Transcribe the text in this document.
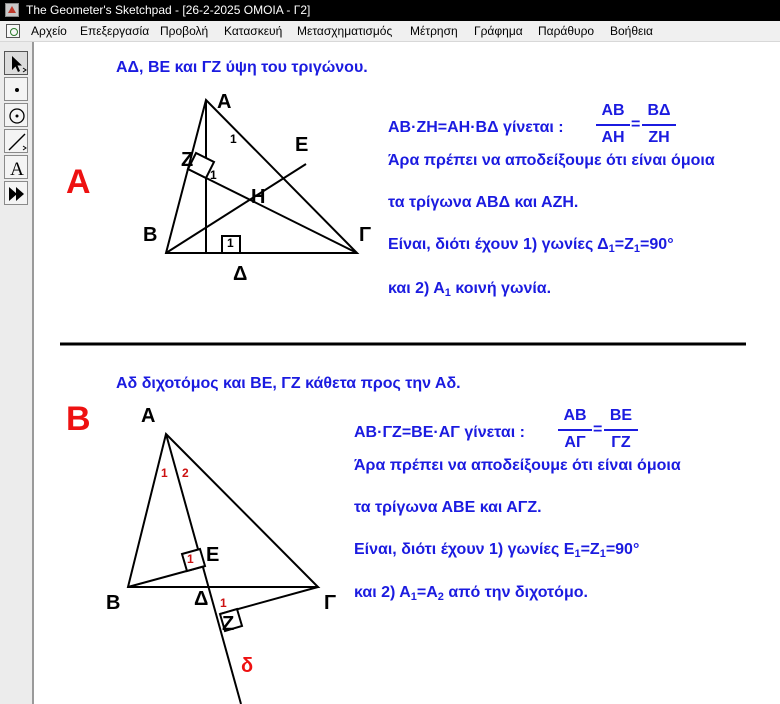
The Geometer's Sketchpad - [26-2-2025 ΟΜΟΙΑ - Γ2]
Αρχείο Επεξεργασία Προβολή Κατασκευή Μετασχηματισμός Μέτρηση Γράφημα Παράθυρο Βοήθεια
A Α
ΑΔ, ΒΕ και ΓΖ ύψη του τριγώνου.
Α
Β	Γ
Δ
Ε
Ζ
Η
1
1
1
ΑΒ·ΖΗ=ΑΗ·ΒΔ γίνεται :
ΑΒ
ΑΗ
=
ΒΔ
ΖΗ
Άρα πρέπει να αποδείξουμε ότι είναι όμοια
τα τρίγωνα ΑΒΔ και ΑΖΗ.
Είναι, διότι έχουν 1) γωνίες $\Delta_1=Z_1=90^\circ$
και 2) $A_1$ κοινή γωνία.
Β
Αδ διχοτόμος και ΒΕ, ΓΖ κάθετα προς την Αδ.
Α
Β	Γ
Δ
Ε
Ζ
δ
1 2
1
1
ΑΒ·ΓΖ=ΒΕ·ΑΓ γίνεται :
ΑΒ
ΑΓ
=
ΒΕ
ΓΖ
Άρα πρέπει να αποδείξουμε ότι είναι όμοια
τα τρίγωνα ΑΒΕ και ΑΓΖ.
Είναι, διότι έχουν 1) γωνίες $E_1=Z_1=90^\circ$
και 2) $A_1=A_2$ από την διχοτόμο.
